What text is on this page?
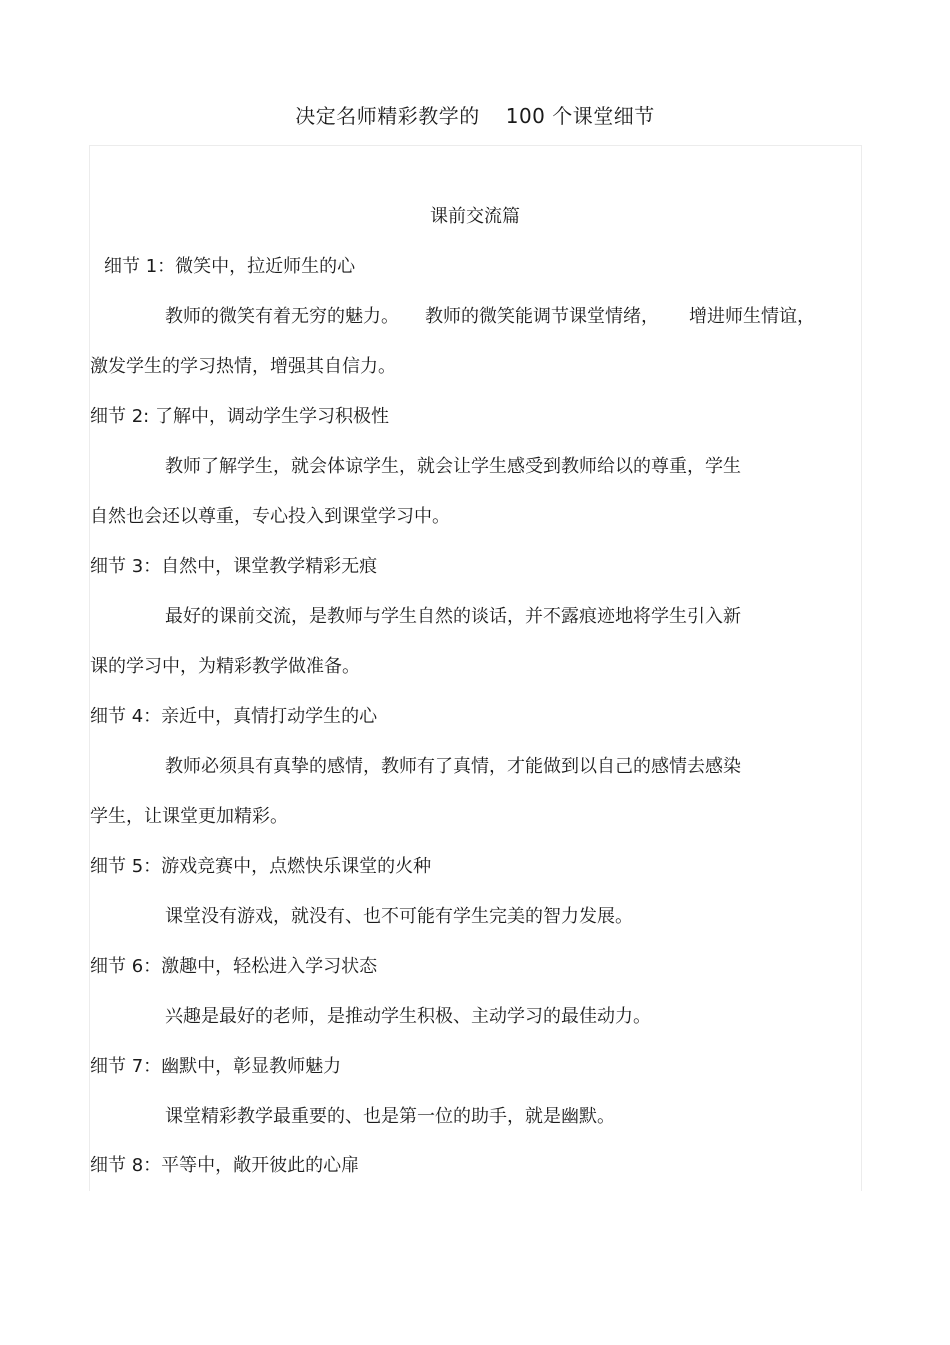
决定名师精彩教学的 100 个课堂细节
课前交流篇
细节 1：微笑中，拉近师生的心
教师的微笑有着无穷的魅力。 教师的微笑能调节课堂情绪， 增进师生情谊，
激发学生的学习热情，增强其自信力。
细节 2: 了解中，调动学生学习积极性
教师了解学生，就会体谅学生，就会让学生感受到教师给以的尊重，学生
自然也会还以尊重，专心投入到课堂学习中。
细节 3：自然中，课堂教学精彩无痕
最好的课前交流，是教师与学生自然的谈话，并不露痕迹地将学生引入新
课的学习中，为精彩教学做准备。
细节 4：亲近中，真情打动学生的心
教师必须具有真挚的感情，教师有了真情，才能做到以自己的感情去感染
学生，让课堂更加精彩。
细节 5：游戏竞赛中，点燃快乐课堂的火种
课堂没有游戏，就没有、也不可能有学生完美的智力发展。
细节 6：激趣中，轻松进入学习状态
兴趣是最好的老师，是推动学生积极、主动学习的最佳动力。
细节 7：幽默中，彰显教师魅力
课堂精彩教学最重要的、也是第一位的助手，就是幽默。
细节 8：平等中，敞开彼此的心扉
